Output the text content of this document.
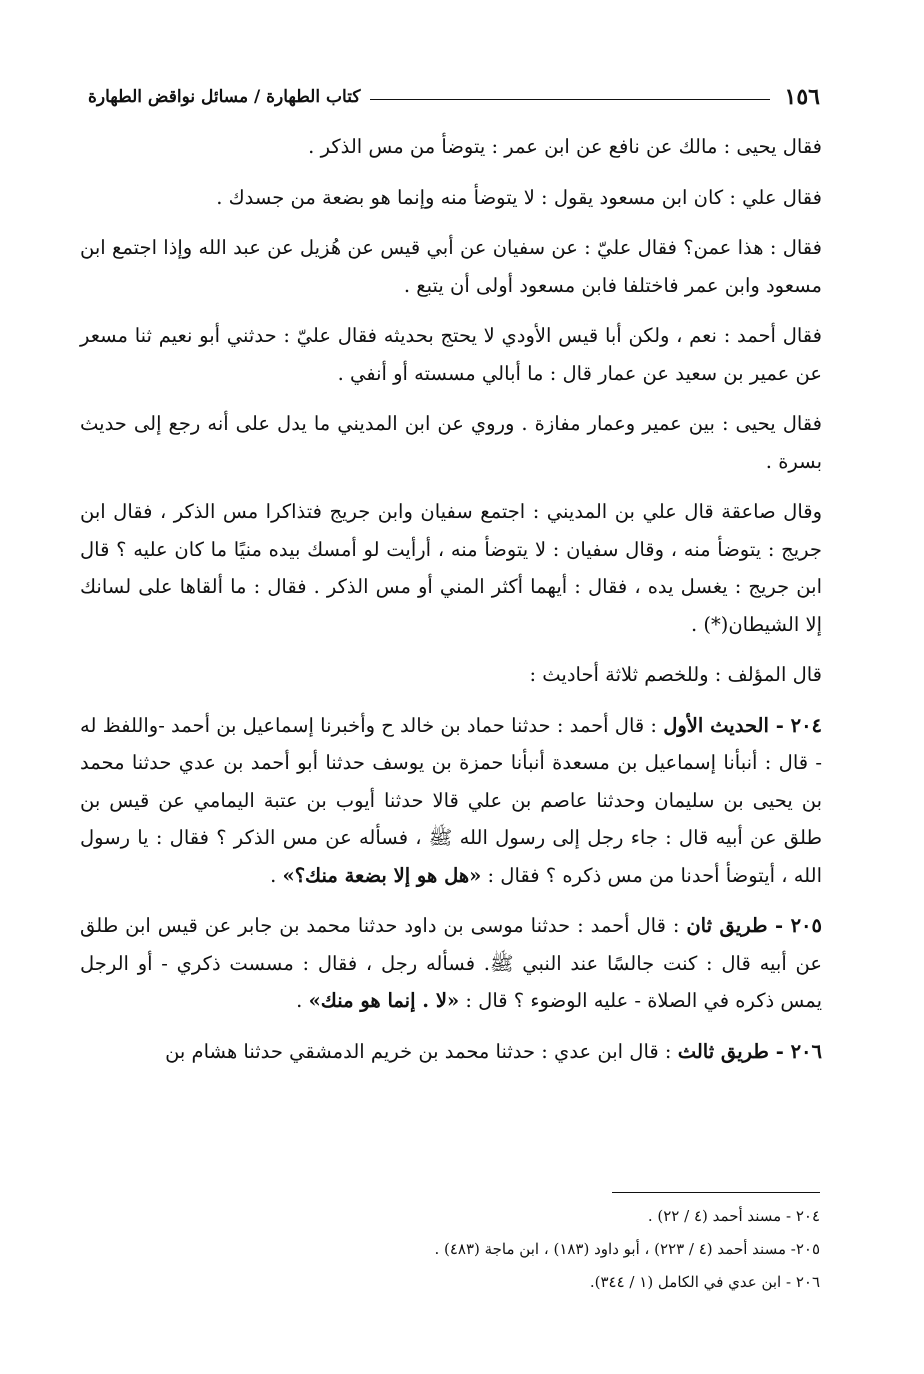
١٥٦
كتاب الطهارة / مسائل نواقض الطهارة

فقال يحيى : مالك عن نافع عن ابن عمر : يتوضأ من مس الذكر .

فقال علي : كان ابن مسعود يقول : لا يتوضأ منه وإنما هو بضعة من جسدك .

فقال : هذا عمن؟ فقال عليّ : عن سفيان عن أبي قيس عن هُزيل عن عبد الله وإذا اجتمع ابن مسعود وابن عمر فاختلفا فابن مسعود أولى أن يتبع .

فقال أحمد : نعم ، ولكن أبا قيس الأودي لا يحتج بحديثه فقال عليّ : حدثني أبو نعيم ثنا مسعر عن عمير بن سعيد عن عمار قال : ما أبالي مسسته أو أنفي .

فقال يحيى : بين عمير وعمار مفازة . وروي عن ابن المديني ما يدل على أنه رجع إلى حديث بسرة .

وقال صاعقة قال علي بن المديني : اجتمع سفيان وابن جريج فتذاكرا مس الذكر ، فقال ابن جريج : يتوضأ منه ، وقال سفيان : لا يتوضأ منه ، أرأيت لو أمسك بيده منيًا ما كان عليه ؟ قال ابن جريج : يغسل يده ، فقال : أيهما أكثر المني أو مس الذكر . فقال : ما ألقاها على لسانك إلا الشيطان(*) .

قال المؤلف : وللخصم ثلاثة أحاديث :

٢٠٤ - الحديث الأول : قال أحمد : حدثنا حماد بن خالد ح وأخبرنا إسماعيل بن أحمد -واللفظ له - قال : أنبأنا إسماعيل بن مسعدة أنبأنا حمزة بن يوسف حدثنا أبو أحمد بن عدي حدثنا محمد بن يحيى بن سليمان وحدثنا عاصم بن علي قالا حدثنا أيوب بن عتبة اليمامي عن قيس بن طلق عن أبيه قال : جاء رجل إلى رسول الله ﷺ ، فسأله عن مس الذكر ؟ فقال : يا رسول الله ، أيتوضأ أحدنا من مس ذكره ؟ فقال : «هل هو إلا بضعة منك؟» .

٢٠٥ - طريق ثان : قال أحمد : حدثنا موسى بن داود حدثنا محمد بن جابر عن قيس ابن طلق عن أبيه قال : كنت جالسًا عند النبي ﷺ. فسأله رجل ، فقال : مسست ذكري - أو الرجل يمس ذكره في الصلاة - عليه الوضوء ؟ قال : «لا . إنما هو منك» .

٢٠٦ - طريق ثالث : قال ابن عدي : حدثنا محمد بن خريم الدمشقي حدثنا هشام بن

٢٠٤ - مسند أحمد (٤ / ٢٢) .
٢٠٥- مسند أحمد (٤ / ٢٢٣) ، أبو داود (١٨٣) ، ابن ماجة (٤٨٣) .
٢٠٦ - ابن عدي في الكامل (١ / ٣٤٤).
